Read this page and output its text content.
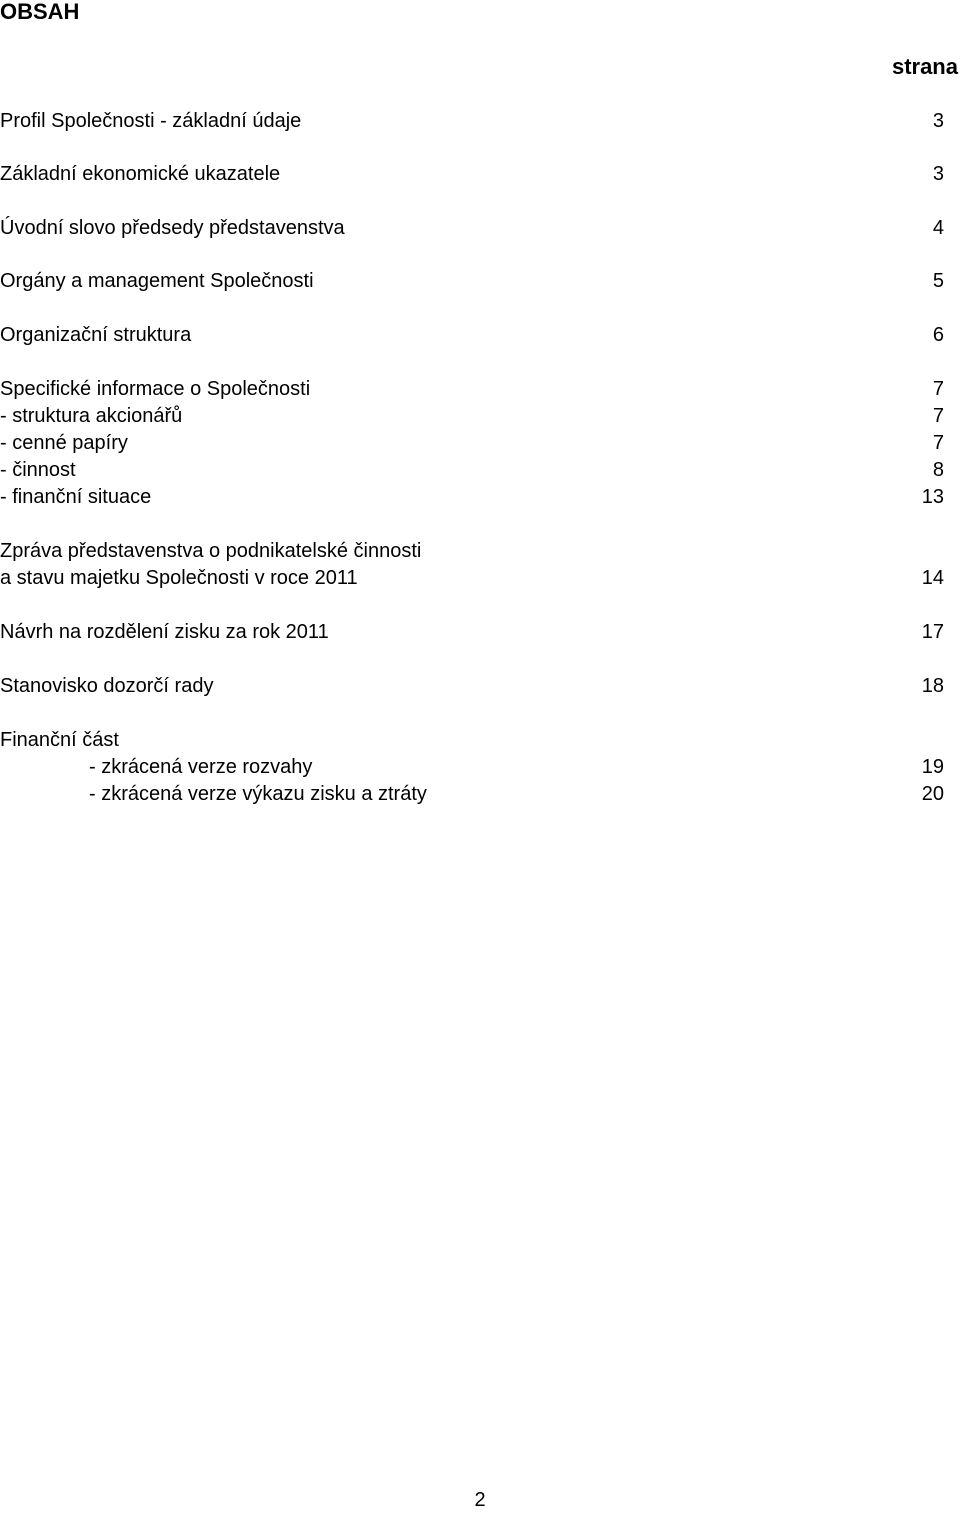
OBSAH
strana
Profil Společnosti - základní údaje	3
Základní ekonomické ukazatele	3
Úvodní slovo předsedy představenstva	4
Orgány a management Společnosti	5
Organizační struktura	6
Specifické informace o Společnosti	7
- struktura akcionářů	7
- cenné papíry	7
- činnost	8
- finanční situace	13
Zpráva představenstva o podnikatelské činnosti
a stavu majetku Společnosti v roce 2011	14
Návrh na rozdělení zisku za rok 2011	17
Stanovisko dozorčí rady	18
Finanční část
- zkrácená verze rozvahy	19
- zkrácená verze výkazu zisku a ztráty	20
2
